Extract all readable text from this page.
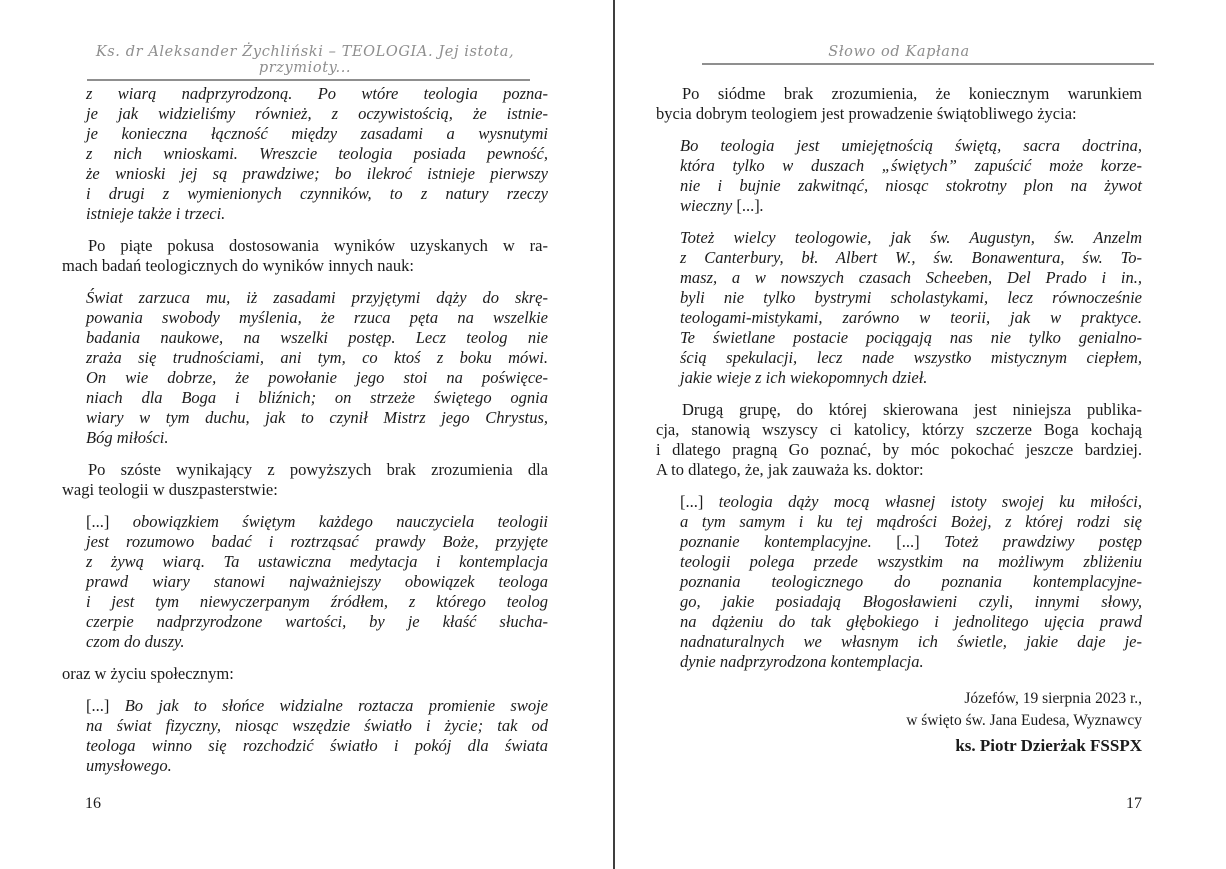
Ks. dr Aleksander Żychliński – TEOLOGIA. Jej istota, przymioty...
z wiarą nadprzyrodzoną. Po wtóre teologia pozna-
je jak widzieliśmy również, z oczywistością, że istnie-
je konieczna łączność między zasadami a wysnutymi
z nich wnioskami. Wreszcie teologia posiada pewność,
że wnioski jej są prawdziwe; bo ilekroć istnieje pierwszy
i drugi z wymienionych czynników, to z natury rzeczy
istnieje także i trzeci.
Po piąte pokusa dostosowania wyników uzyskanych w ra-
mach badań teologicznych do wyników innych nauk:
Świat zarzuca mu, iż zasadami przyjętymi dąży do skrę-
powania swobody myślenia, że rzuca pęta na wszelkie
badania naukowe, na wszelki postęp. Lecz teolog nie
zraża się trudnościami, ani tym, co ktoś z boku mówi.
On wie dobrze, że powołanie jego stoi na poświęce-
niach dla Boga i bliźnich; on strzeże świętego ognia
wiary w tym duchu, jak to czynił Mistrz jego Chrystus,
Bóg miłości.
Po szóste wynikający z powyższych brak zrozumienia dla
wagi teologii w duszpasterstwie:
[...] obowiązkiem świętym każdego nauczyciela teologii
jest rozumowo badać i roztrząsać prawdy Boże, przyjęte
z żywą wiarą. Ta ustawiczna medytacja i kontemplacja
prawd wiary stanowi najważniejszy obowiązek teologa
i jest tym niewyczerpanym źródłem, z którego teolog
czerpie nadprzyrodzone wartości, by je kłaść słucha-
czom do duszy.
oraz w życiu społecznym:
[...] Bo jak to słońce widzialne roztacza promienie swoje
na świat fizyczny, niosąc wszędzie światło i życie; tak od
teologa winno się rozchodzić światło i pokój dla świata
umysłowego.
16
Słowo od Kapłana
Po siódme brak zrozumienia, że koniecznym warunkiem
bycia dobrym teologiem jest prowadzenie świątobliwego życia:
Bo teologia jest umiejętnością świętą, sacra doctrina,
która tylko w duszach „świętych” zapuścić może korze-
nie i bujnie zakwitnąć, niosąc stokrotny plon na żywot
wieczny [...].
Toteż wielcy teologowie, jak św. Augustyn, św. Anzelm
z Canterbury, bł. Albert W., św. Bonawentura, św. To-
masz, a w nowszych czasach Scheeben, Del Prado i in.,
byli nie tylko bystrymi scholastykami, lecz równocześnie
teologami-mistykami, zarówno w teorii, jak w praktyce.
Te świetlane postacie pociągają nas nie tylko genialno-
ścią spekulacji, lecz nade wszystko mistycznym ciepłem,
jakie wieje z ich wiekopomnych dzieł.
Drugą grupę, do której skierowana jest niniejsza publika-
cja, stanowią wszyscy ci katolicy, którzy szczerze Boga kochają
i dlatego pragną Go poznać, by móc pokochać jeszcze bardziej.
A to dlatego, że, jak zauważa ks. doktor:
[...] teologia dąży mocą własnej istoty swojej ku miłości,
a tym samym i ku tej mądrości Bożej, z której rodzi się
poznanie kontemplacyjne. [...] Toteż prawdziwy postęp
teologii polega przede wszystkim na możliwym zbliżeniu
poznania teologicznego do poznania kontemplacyjne-
go, jakie posiadają Błogosławieni czyli, innymi słowy,
na dążeniu do tak głębokiego i jednolitego ujęcia prawd
nadnaturalnych we własnym ich świetle, jakie daje je-
dynie nadprzyrodzona kontemplacja.
Józefów, 19 sierpnia 2023 r.,
w święto św. Jana Eudesa, Wyznawcy
ks. Piotr Dzierżak FSSPX
17
